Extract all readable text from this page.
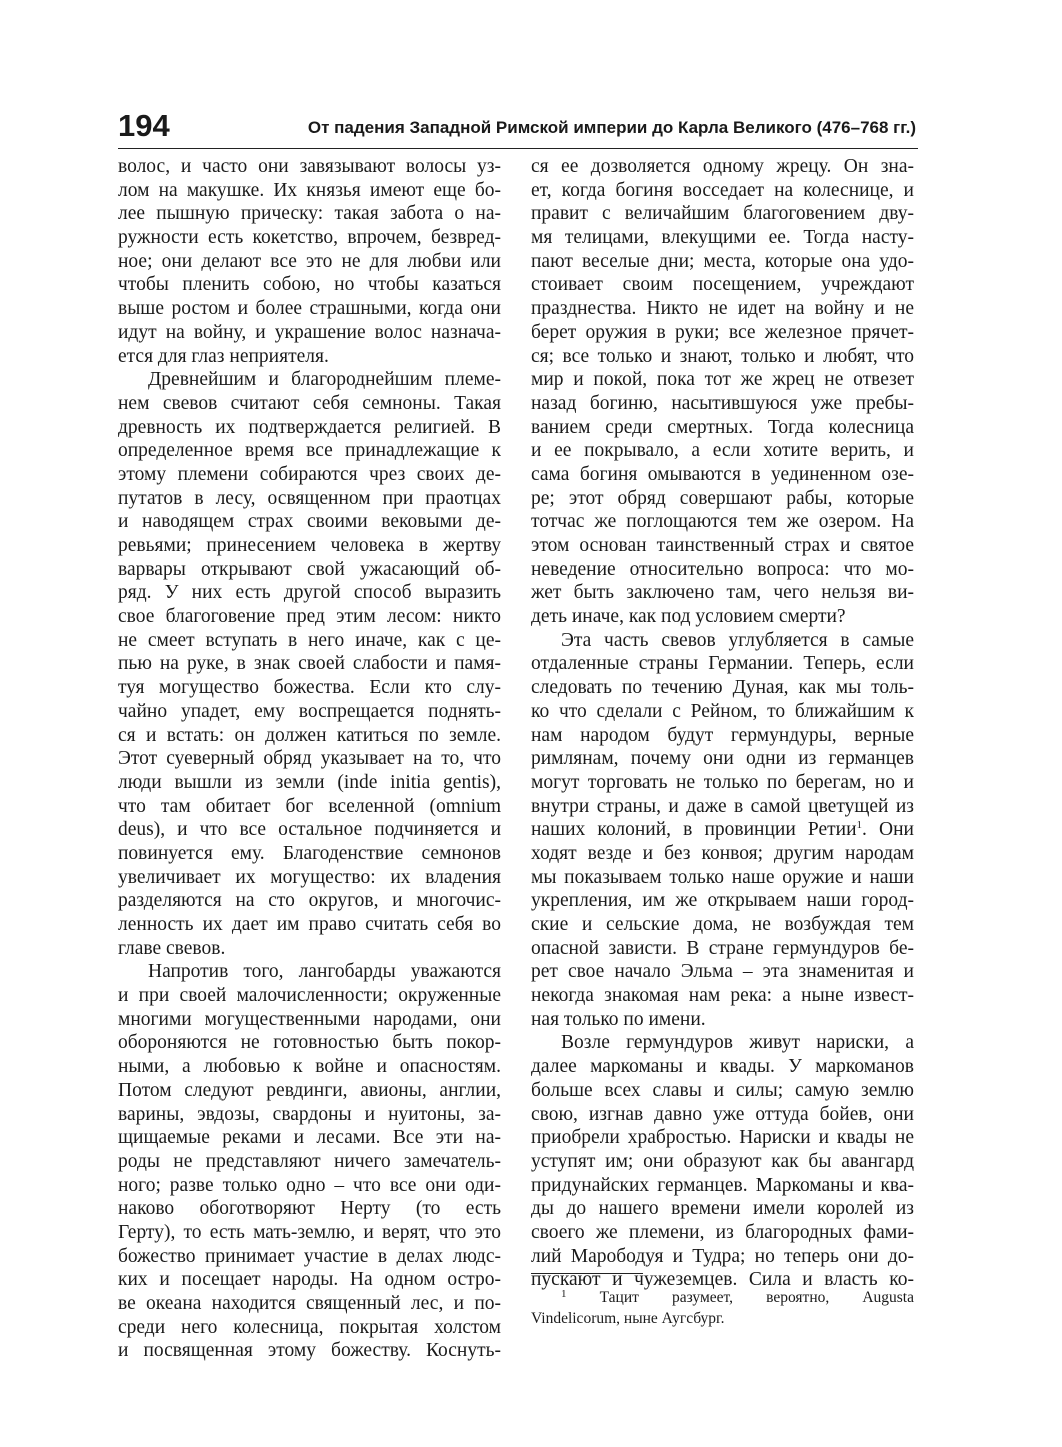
194	От падения Западной Римской империи до Карла Великого (476–768 гг.)
волос, и часто они завязывают волосы уз-
лом на макушке. Их князья имеют еще бо-
лее пышную прическу: такая забота о на-
ружности есть кокетство, впрочем, безвред-
ное; они делают все это не для любви или
чтобы пленить собою, но чтобы казаться
выше ростом и более страшными, когда они
идут на войну, и украшение волос назнача-
ется для глаз неприятеля.
Древнейшим и благороднейшим племе-
нем свевов считают себя семноны. Такая
древность их подтверждается религией. В
определенное время все принадлежащие к
этому племени собираются чрез своих де-
путатов в лесу, освященном при праотцах
и наводящем страх своими вековыми де-
ревьями; принесением человека в жертву
варвары открывают свой ужасающий об-
ряд. У них есть другой способ выразить
свое благоговение пред этим лесом: никто
не смеет вступать в него иначе, как с це-
пью на руке, в знак своей слабости и памя-
туя могущество божества. Если кто слу-
чайно упадет, ему воспрещается поднять-
ся и встать: он должен катиться по земле.
Этот суеверный обряд указывает на то, что
люди вышли из земли (inde initia gentis),
что там обитает бог вселенной (omnium
deus), и что все остальное подчиняется и
повинуется ему. Благоденствие семнонов
увеличивает их могущество: их владения
разделяются на сто округов, и многочис-
ленность их дает им право считать себя во
главе свевов.
Напротив того, лангобарды уважаются
и при своей малочисленности; окруженные
многими могущественными народами, они
обороняются не готовностью быть покор-
ными, а любовью к войне и опасностям.
Потом следуют ревдинги, авионы, англии,
варины, эвдозы, свардоны и нуитоны, за-
щищаемые реками и лесами. Все эти на-
роды не представляют ничего замечатель-
ного; разве только одно – что все они оди-
наково обоготворяют Нерту (то есть
Герту), то есть мать-землю, и верят, что это
божество принимает участие в делах людс-
ких и посещает народы. На одном остро-
ве океана находится священный лес, и по-
среди него колесница, покрытая холстом
и посвященная этому божеству. Коснуть-
ся ее дозволяется одному жрецу. Он зна-
ет, когда богиня восседает на колеснице, и
правит с величайшим благоговением дву-
мя телицами, влекущими ее. Тогда насту-
пают веселые дни; места, которые она удо-
стоивает своим посещением, учреждают
празднества. Никто не идет на войну и не
берет оружия в руки; все железное прячет-
ся; все только и знают, только и любят, что
мир и покой, пока тот же жрец не отвезет
назад богиню, насытившуюся уже пребы-
ванием среди смертных. Тогда колесница
и ее покрывало, а если хотите верить, и
сама богиня омываются в уединенном озе-
ре; этот обряд совершают рабы, которые
тотчас же поглощаются тем же озером. На
этом основан таинственный страх и святое
неведение относительно вопроса: что мо-
жет быть заключено там, чего нельзя ви-
деть иначе, как под условием смерти?
Эта часть свевов углубляется в самые
отдаленные страны Германии. Теперь, если
следовать по течению Дуная, как мы толь-
ко что сделали с Рейном, то ближайшим к
нам народом будут гермундуры, верные
римлянам, почему они одни из германцев
могут торговать не только по берегам, но и
внутри страны, и даже в самой цветущей из
наших колоний, в провинции Ретии$^1$. Они
ходят везде и без конвоя; другим народам
мы показываем только наше оружие и наши
укрепления, им же открываем наши город-
ские и сельские дома, не возбуждая тем
опасной зависти. В стране гермундуров бе-
рет свое начало Эльма – эта знаменитая и
некогда знакомая нам река: а ныне извест-
ная только по имени.
Возле гермундуров живут нариски, а
далее маркоманы и квады. У маркоманов
больше всех славы и силы; самую землю
свою, изгнав давно уже оттуда бойев, они
приобрели храбростью. Нариски и квады не
уступят им; они образуют как бы авангард
придунайских германцев. Маркоманы и ква-
ды до нашего времени имели королей из
своего же племени, из благородных фами-
лий Марободуя и Тудра; но теперь они до-
пускают и чужеземцев. Сила и власть ко-
$^1$ Тацит разумеет, вероятно, Augusta
Vindelicorum, ныне Аугсбург.
